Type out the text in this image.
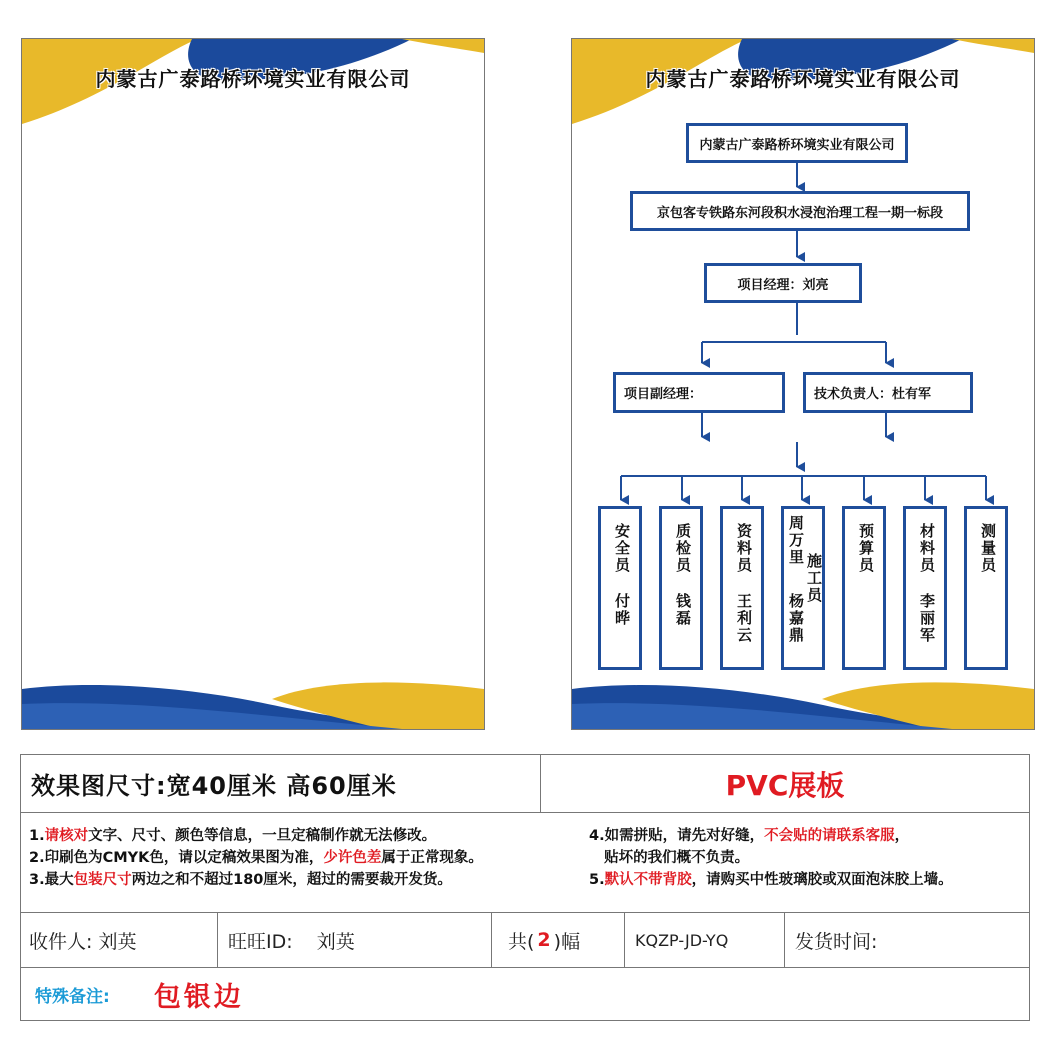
内蒙古广泰路桥环境实业有限公司	内蒙古广泰路桥环境实业有限公司
内蒙古广泰路桥环境实业有限公司
京包客专铁路东河段积水浸泡治理工程一期一标段
项目经理：刘亮
项目副经理：	技术负责人：杜有军
安全员
付晔
质检员
钱磊
资料员
王利云
周万里
施工员
杨嘉鼎
预算员	材料员
李丽军
测量员
效果图尺寸:宽40厘米 高60厘米	PVC展板

1.请核对文字、尺寸、颜色等信息，一旦定稿制作就无法修改。

2.印刷色为CMYK色，请以定稿效果图为准，少许色差属于正常现象。

3.最大包装尺寸两边之和不超过180厘米，超过的需要裁开发货。

4.如需拼贴，请先对好缝，不会贴的请联系客服，

贴坏的我们概不负责。

5.默认不带背胶，请购买中性玻璃胶或双面泡沫胶上墙。

收件人: 刘英	旺旺ID:    刘英	共( 2 )幅	KQZP-JD-YQ	发货时间:
特殊备注: 包银边
